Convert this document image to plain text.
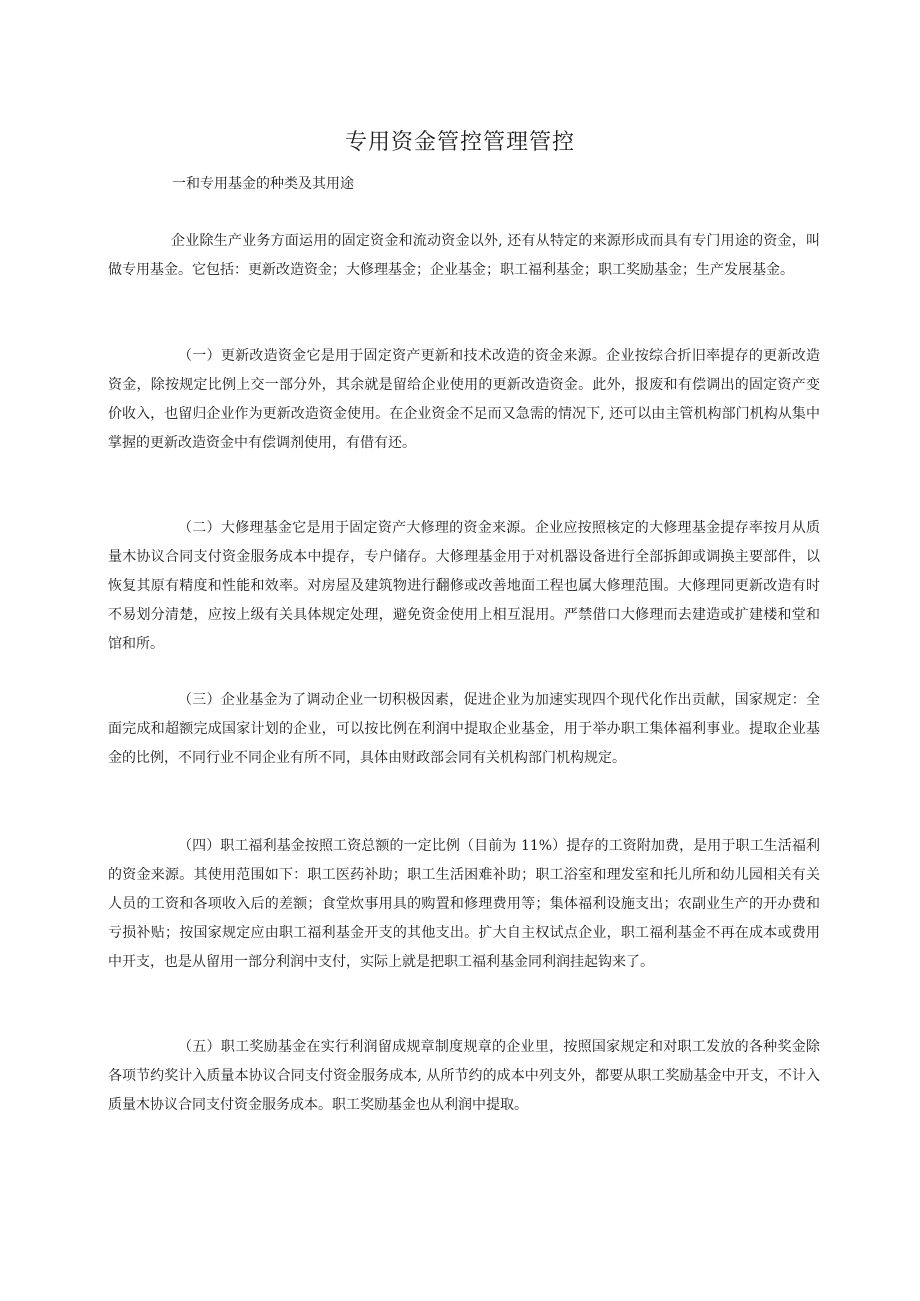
专用资金管控管理管控

一和专用基金的种类及其用途

企业除生产业务方面运用的固定资金和流动资金以外, 还有从特定的来源形成而具有专门用途的资金，叫做专用基金。它包括：更新改造资金；大修理基金；企业基金；职工福利基金；职工奖励基金；生产发展基金。

（一）更新改造资金它是用于固定资产更新和技术改造的资金来源。企业按综合折旧率提存的更新改造资金，除按规定比例上交一部分外，其余就是留给企业使用的更新改造资金。此外，报废和有偿调出的固定资产变价收入，也留归企业作为更新改造资金使用。在企业资金不足而又急需的情况下, 还可以由主管机构部门机构从集中掌握的更新改造资金中有偿调剂使用，有借有还。

（二）大修理基金它是用于固定资产大修理的资金来源。企业应按照核定的大修理基金提存率按月从质量木协议合同支付资金服务成本中提存，专户储存。大修理基金用于对机器设备进行全部拆卸或调换主要部件，以恢复其原有精度和性能和效率。对房屋及建筑物进行翻修或改善地面工程也属大修理范围。大修理同更新改造有时不易划分清楚，应按上级有关具体规定处理，避免资金使用上相互混用。严禁借口大修理而去建造或扩建楼和堂和馆和所。

（三）企业基金为了调动企业一切积极因素，促进企业为加速实现四个现代化作出贡献，国家规定：全面完成和超额完成国家计划的企业，可以按比例在利润中提取企业基金，用于举办职工集体福利事业。提取企业基金的比例，不同行业不同企业有所不同，具体由财政部会同有关机构部门机构规定。

（四）职工福利基金按照工资总额的一定比例（目前为 11%）提存的工资附加费，是用于职工生活福利的资金来源。其使用范围如下：职工医药补助；职工生活困难补助；职工浴室和理发室和托儿所和幼儿园相关有关人员的工资和各项收入后的差额；食堂炊事用具的购置和修理费用等；集体福利设施支出；农副业生产的开办费和亏损补贴；按国家规定应由职工福利基金开支的其他支出。扩大自主权试点企业，职工福利基金不再在成本或费用中开支，也是从留用一部分利润中支付，实际上就是把职工福利基金同利润挂起钩来了。

（五）职工奖励基金在实行利润留成规章制度规章的企业里，按照国家规定和对职工发放的各种奖金除各项节约奖计入质量本协议合同支付资金服务成本, 从所节约的成本中列支外，都要从职工奖励基金中开支，不计入质量木协议合同支付资金服务成本。职工奖励基金也从利润中提取。
